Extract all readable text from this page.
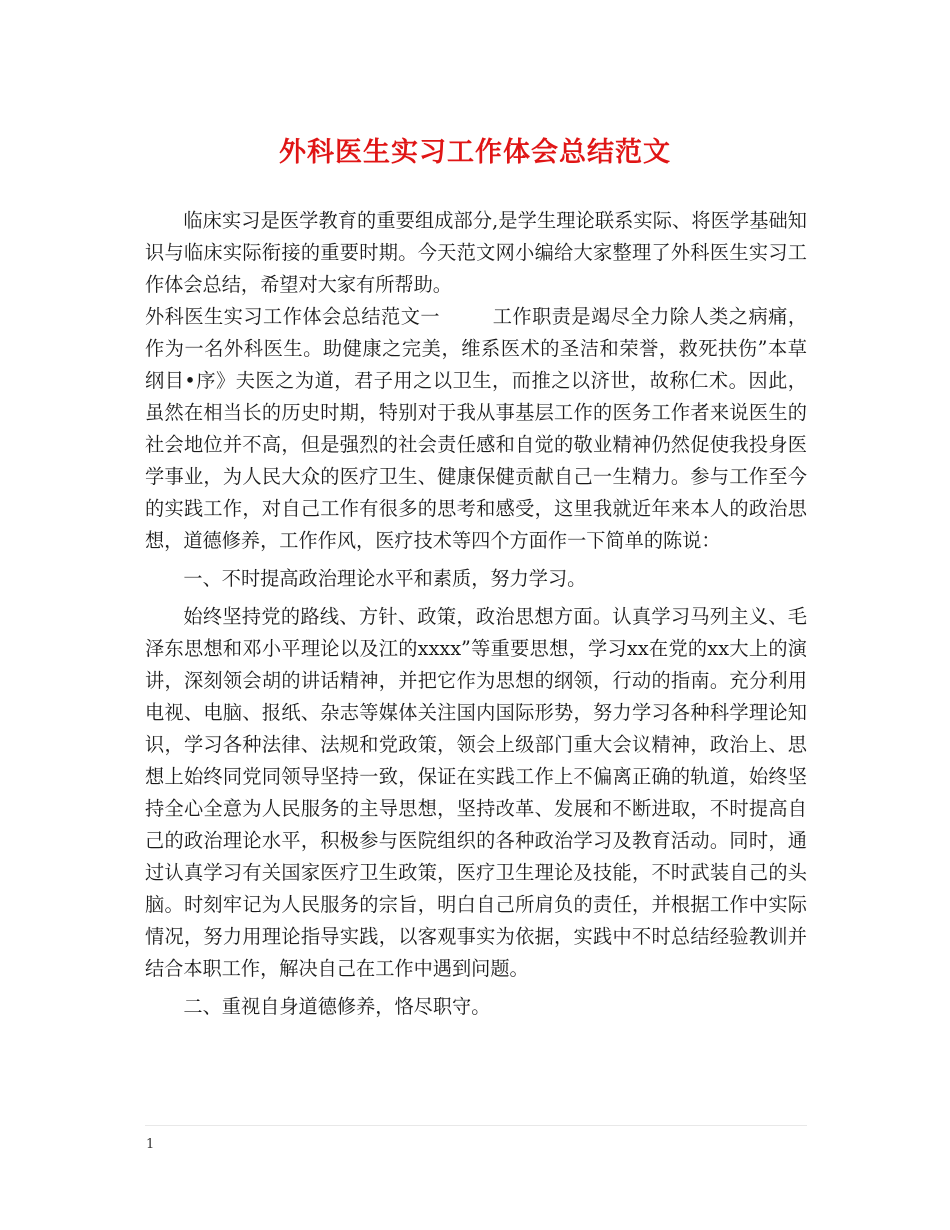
外科医生实习工作体会总结范文

临床实习是医学教育的重要组成部分,是学生理论联系实际、将医学基础知识与临床实际衔接的重要时期。今天范文网小编给大家整理了外科医生实习工作体会总结，希望对大家有所帮助。

外科医生实习工作体会总结范文一	工作职责是竭尽全力除人类之病痛，作为一名外科医生。助健康之完美，维系医术的圣洁和荣誉，救死扶伤”本草纲目•序》夫医之为道，君子用之以卫生，而推之以济世，故称仁术。因此，虽然在相当长的历史时期，特别对于我从事基层工作的医务工作者来说医生的社会地位并不高，但是强烈的社会责任感和自觉的敬业精神仍然促使我投身医学事业，为人民大众的医疗卫生、健康保健贡献自己一生精力。参与工作至今的实践工作，对自己工作有很多的思考和感受，这里我就近年来本人的政治思想，道德修养，工作作风，医疗技术等四个方面作一下简单的陈说：

一、不时提高政治理论水平和素质，努力学习。

始终坚持党的路线、方针、政策，政治思想方面。认真学习马列主义、毛泽东思想和邓小平理论以及江的xxxx”等重要思想，学习xx在党的xx大上的演讲，深刻领会胡的讲话精神，并把它作为思想的纲领，行动的指南。充分利用电视、电脑、报纸、杂志等媒体关注国内国际形势，努力学习各种科学理论知识，学习各种法律、法规和党政策，领会上级部门重大会议精神，政治上、思想上始终同党同领导坚持一致，保证在实践工作上不偏离正确的轨道，始终坚持全心全意为人民服务的主导思想，坚持改革、发展和不断进取，不时提高自己的政治理论水平，积极参与医院组织的各种政治学习及教育活动。同时，通过认真学习有关国家医疗卫生政策，医疗卫生理论及技能，不时武装自己的头脑。时刻牢记为人民服务的宗旨，明白自己所肩负的责任，并根据工作中实际情况，努力用理论指导实践，以客观事实为依据，实践中不时总结经验教训并结合本职工作，解决自己在工作中遇到问题。

二、重视自身道德修养，恪尽职守。

1
